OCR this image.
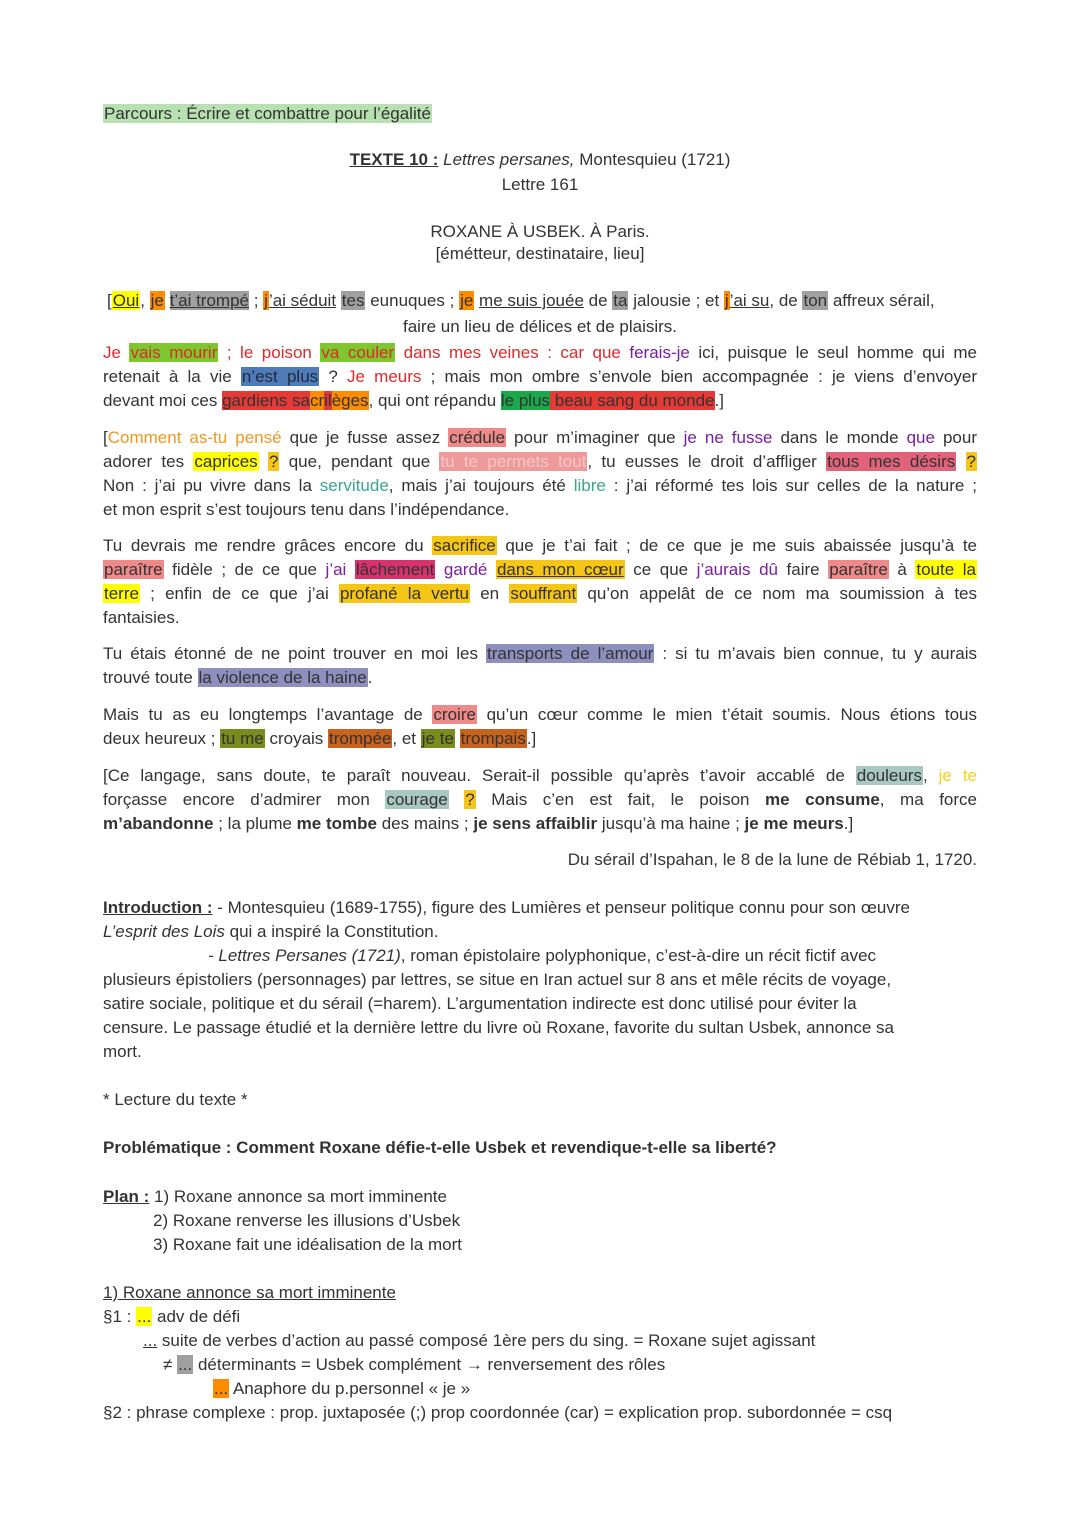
Parcours : Écrire et combattre pour l’égalité
TEXTE 10 : Lettres persanes, Montesquieu (1721)
Lettre 161
ROXANE À USBEK. À Paris.
[émétteur, destinataire, lieu]
[Oui, je t’ai trompé ; j’ai séduit tes eunuques ; je me suis jouée de ta jalousie ; et j’ai su, de ton affreux sérail,
faire un lieu de délices et de plaisirs.
Je vais mourir ; le poison va couler dans mes veines : car que ferais-je ici, puisque le seul homme qui me
retenait à la vie n’est plus ? Je meurs ; mais mon ombre s’envole bien accompagnée : je viens d’envoyer
devant moi ces gardiens sacrilèges, qui ont répandu le plus beau sang du monde.]
[Comment as-tu pensé que je fusse assez crédule pour m’imaginer que je ne fusse dans le monde que pour
adorer tes caprices ? que, pendant que tu te permets tout, tu eusses le droit d’affliger tous mes désirs ?
Non : j’ai pu vivre dans la servitude, mais j’ai toujours été libre : j’ai réformé tes lois sur celles de la nature ;
et mon esprit s’est toujours tenu dans l’indépendance.
Tu devrais me rendre grâces encore du sacrifice que je t’ai fait ; de ce que je me suis abaissée jusqu’à te
paraître fidèle ; de ce que j’ai lâchement gardé dans mon cœur ce que j’aurais dû faire paraître à toute la
terre ; enfin de ce que j’ai profané la vertu en souffrant qu’on appelât de ce nom ma soumission à tes
fantaisies.
Tu étais étonné de ne point trouver en moi les transports de l’amour : si tu m’avais bien connue, tu y aurais
trouvé toute la violence de la haine.
Mais tu as eu longtemps l’avantage de croire qu’un cœur comme le mien t’était soumis. Nous étions tous
deux heureux ; tu me croyais trompée, et je te trompais.]
[Ce langage, sans doute, te paraît nouveau. Serait-il possible qu’après t’avoir accablé de douleurs, je te
forçasse encore d’admirer mon courage ? Mais c’en est fait, le poison me consume, ma force
m’abandonne ; la plume me tombe des mains ; je sens affaiblir jusqu’à ma haine ; je me meurs.]
Du sérail d’Ispahan, le 8 de la lune de Rébiab 1, 1720.
Introduction : - Montesquieu (1689-1755), figure des Lumières et penseur politique connu pour son œuvre
L’esprit des Lois qui a inspiré la Constitution.
- Lettres Persanes (1721), roman épistolaire polyphonique, c’est-à-dire un récit fictif avec
plusieurs épistoliers (personnages) par lettres, se situe en Iran actuel sur 8 ans et mêle récits de voyage,
satire sociale, politique et du sérail (=harem). L’argumentation indirecte est donc utilisé pour éviter la
censure. Le passage étudié et la dernière lettre du livre où Roxane, favorite du sultan Usbek, annonce sa
mort.
* Lecture du texte *
Problématique : Comment Roxane défie-t-elle Usbek et revendique-t-elle sa liberté?
Plan : 1) Roxane annonce sa mort imminente
2) Roxane renverse les illusions d’Usbek
3) Roxane fait une idéalisation de la mort
1) Roxane annonce sa mort imminente
§1 : ... adv de défi
... suite de verbes d’action au passé composé 1ère pers du sing. = Roxane sujet agissant
≠ ... déterminants = Usbek complément → renversement des rôles
... Anaphore du p.personnel « je »
§2 : phrase complexe : prop. juxtaposée (;) prop coordonnée (car) = explication prop. subordonnée = csq
